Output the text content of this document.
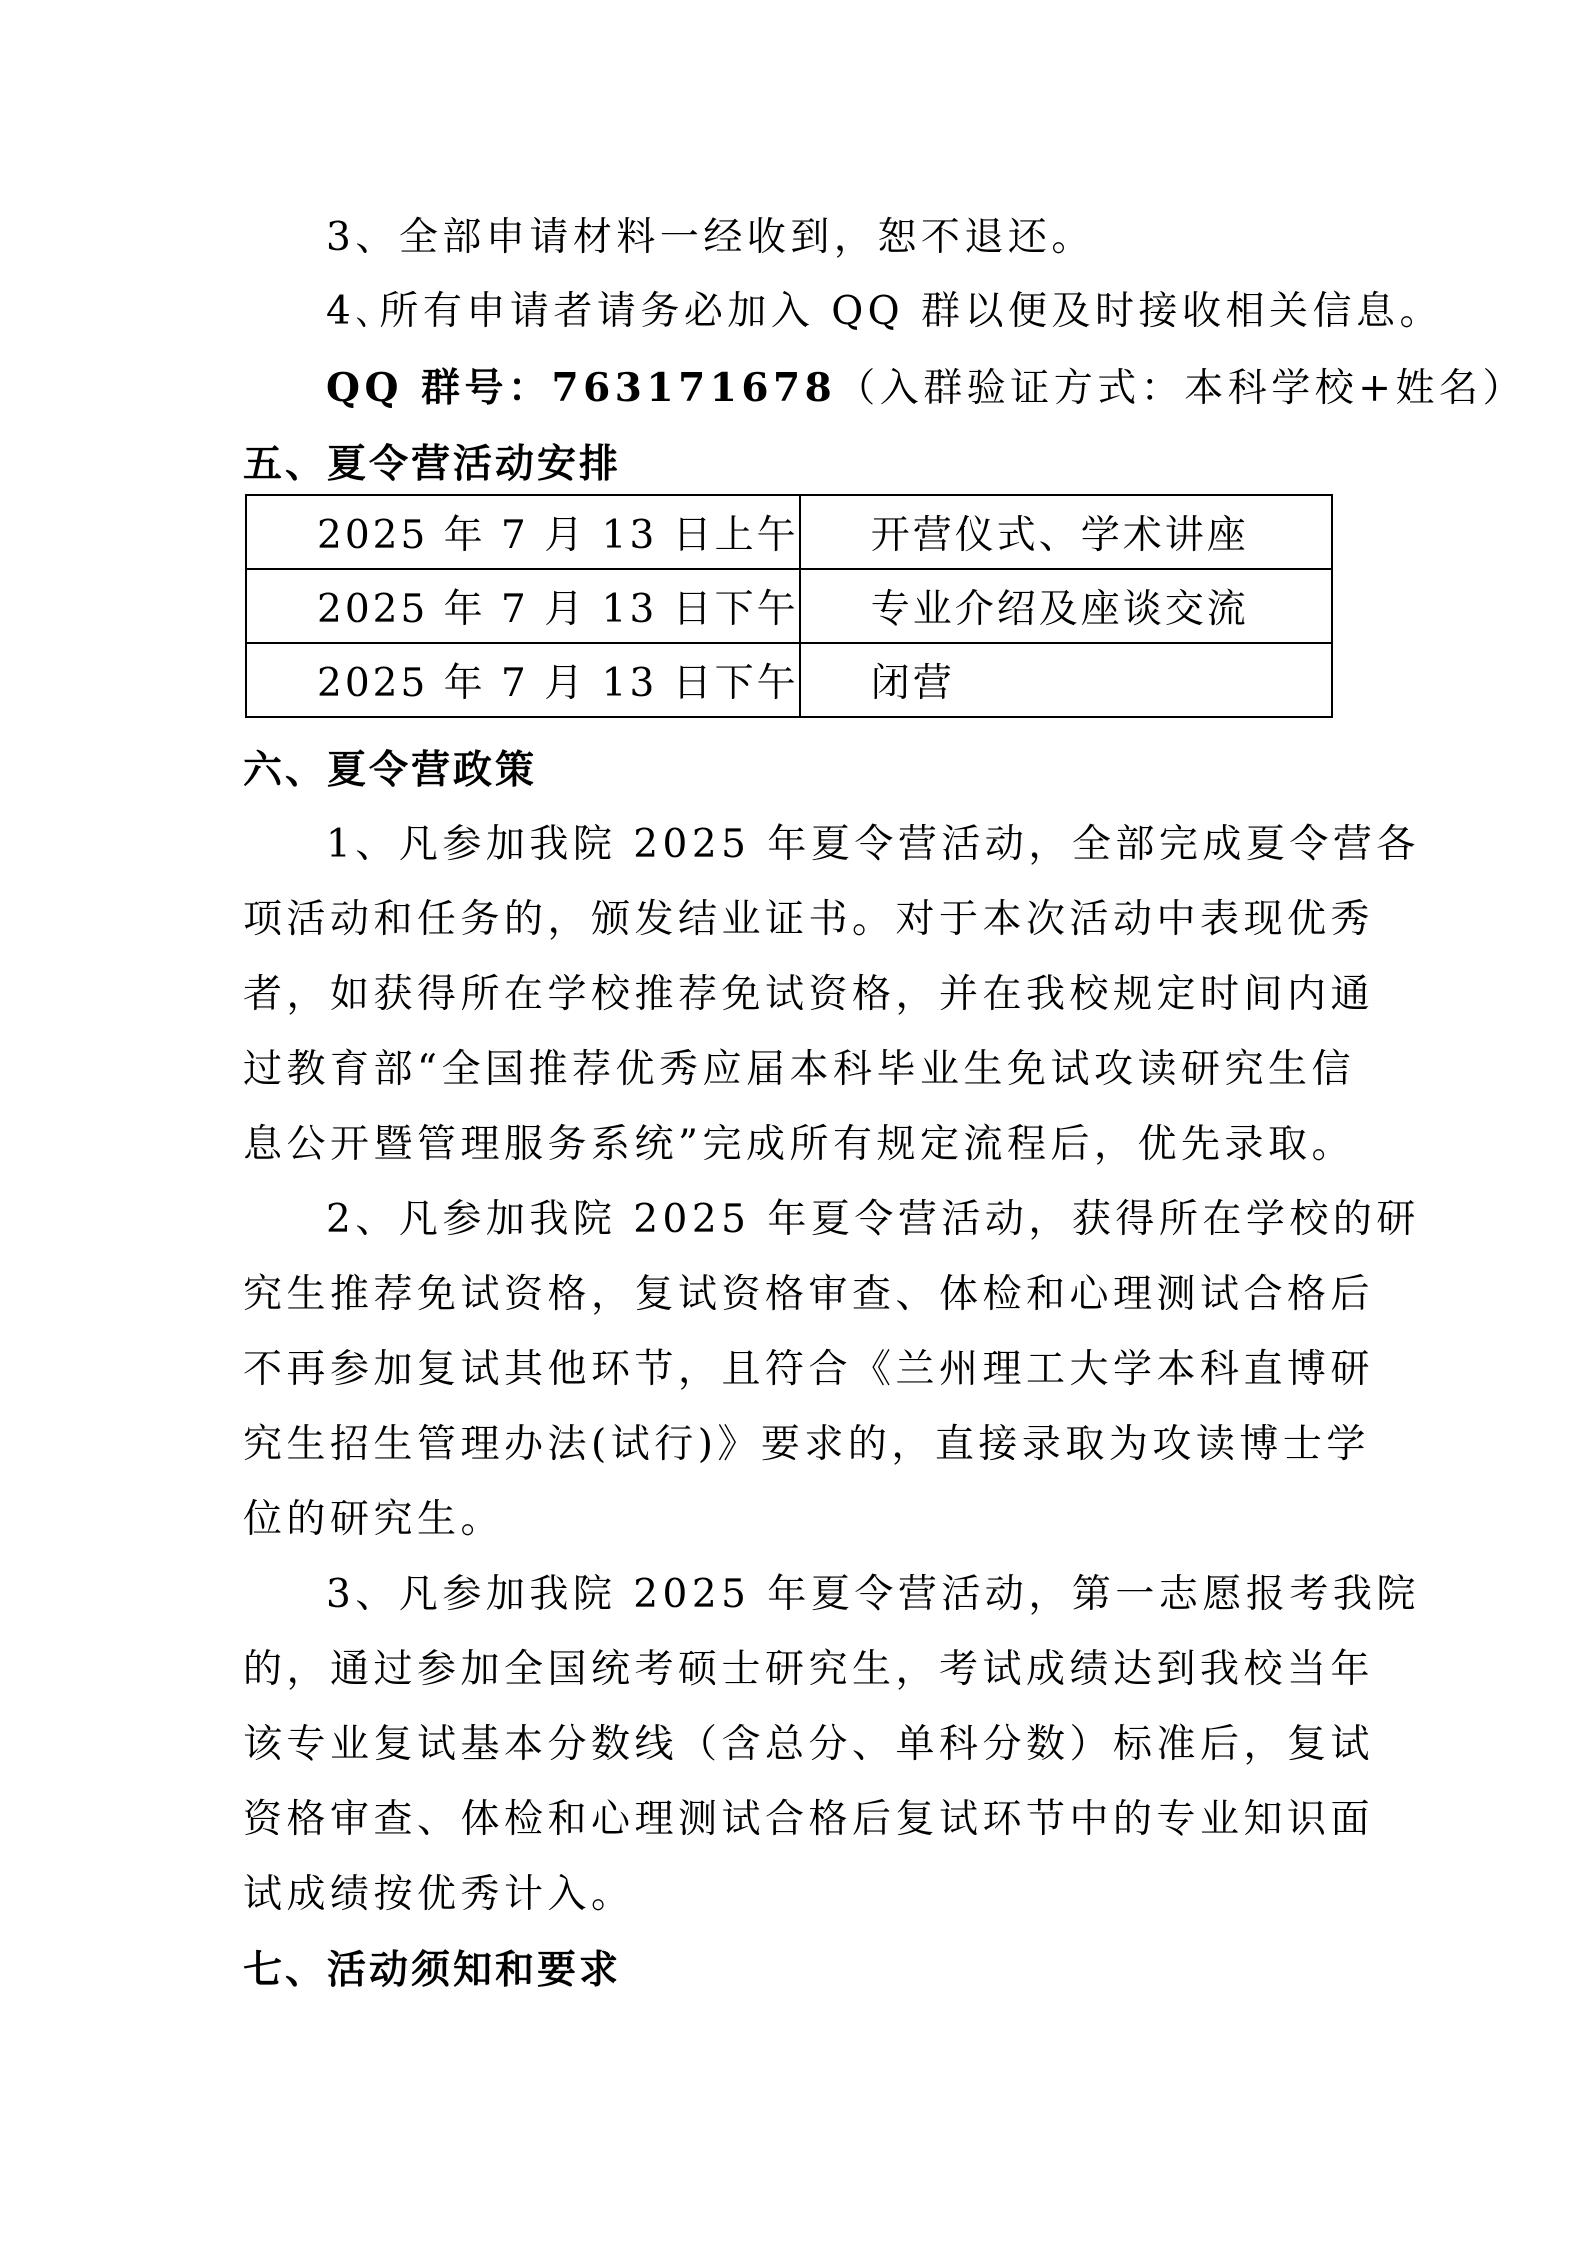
3、全部申请材料一经收到，恕不退还。
4､所有申请者请务必加入 QQ 群以便及时接收相关信息。
QQ 群号：763171678（入群验证方式：本科学校+姓名）
五、夏令营活动安排
2025 年 7 月 13 日上午	开营仪式、学术讲座
2025 年 7 月 13 日下午	专业介绍及座谈交流
2025 年 7 月 13 日下午	闭营
六、夏令营政策
1、凡参加我院 2025 年夏令营活动，全部完成夏令营各
项活动和任务的，颁发结业证书。对于本次活动中表现优秀
者，如获得所在学校推荐免试资格，并在我校规定时间内通
过教育部“全国推荐优秀应届本科毕业生免试攻读研究生信
息公开暨管理服务系统”完成所有规定流程后，优先录取。
2、凡参加我院 2025 年夏令营活动，获得所在学校的研
究生推荐免试资格，复试资格审查、体检和心理测试合格后
不再参加复试其他环节，且符合《兰州理工大学本科直博研
究生招生管理办法(试行)》要求的，直接录取为攻读博士学
位的研究生。
3、凡参加我院 2025 年夏令营活动，第一志愿报考我院
的，通过参加全国统考硕士研究生，考试成绩达到我校当年
该专业复试基本分数线（含总分、单科分数）标准后，复试
资格审查、体检和心理测试合格后复试环节中的专业知识面
试成绩按优秀计入。
七、活动须知和要求
